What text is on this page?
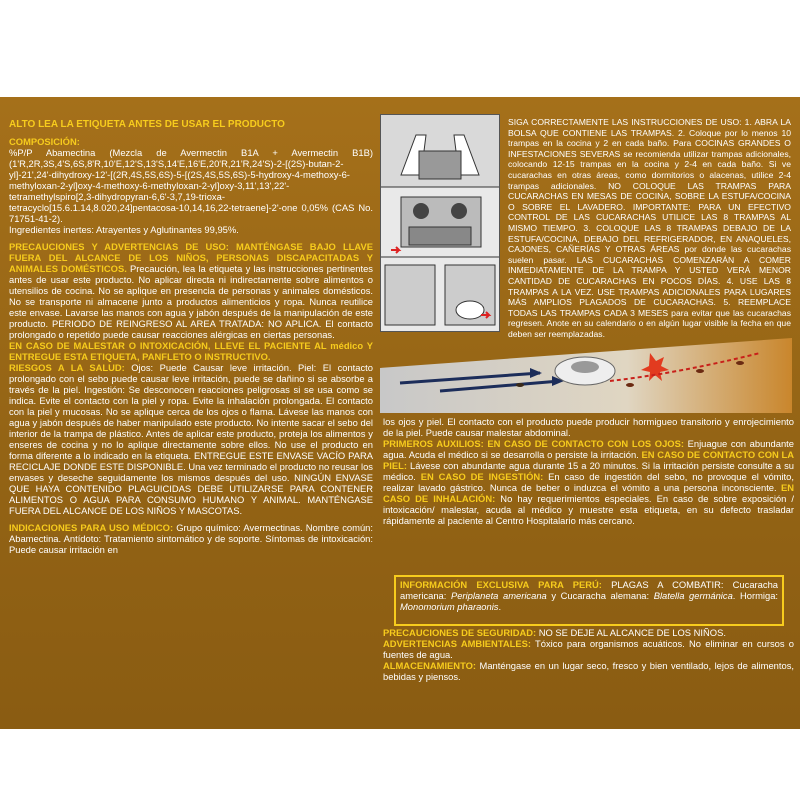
ALTO LEA LA ETIQUETA ANTES DE USAR EL PRODUCTO

COMPOSICIÓN:
%P/P Abamectina (Mezcla de Avermectin B1A + Avermectin B1B) (1'R,2R,3S,4'S,6S,8'R,10'E,12'S,13'S,14'E,16'E,20'R,21'R,24'S)-2-[(2S)-butan-2-yl]-21',24'-dihydroxy-12'-[(2R,4S,5S,6S)-5-[(2S,4S,5S,6S)-5-hydroxy-4-methoxy-6-methyloxan-2-yl]oxy-4-methoxy-6-methyloxan-2-yl]oxy-3,11',13',22'-tetramethylspiro[2,3-dihydropyran-6,6'-3,7,19-trioxa-tetracyclo[15.6.1.14,8.020,24]pentacosa-10,14,16,22-tetraene]-2'-one 0,05% (CAS No. 71751-41-2).
Ingredientes inertes: Atrayentes y Aglutinantes 99,95%.

PRECAUCIONES Y ADVERTENCIAS DE USO: MANTÉNGASE BAJO LLAVE FUERA DEL ALCANCE DE LOS NIÑOS, PERSONAS DISCAPACITADAS Y ANIMALES DOMÉSTICOS. Precaución, lea la etiqueta y las instrucciones pertinentes antes de usar este producto. No aplicar directa ni indirectamente sobre alimentos o utensilios de cocina. No se aplique en presencia de personas y animales domésticos. No se transporte ni almacene junto a productos alimenticios y ropa. Nunca reutilice este envase. Lavarse las manos con agua y jabón después de la manipulación de este producto. PERIODO DE REINGRESO AL AREA TRATADA: NO APLICA. El contacto prolongado o repetido puede causar reacciones alérgicas en ciertas personas.

EN CASO DE MALESTAR O INTOXICACIÓN, LLEVE EL PACIENTE AL médico Y ENTREGUE ESTA ETIQUETA, PANFLETO O INSTRUCTIVO.

RIESGOS A LA SALUD: Ojos: Puede Causar leve irritación. Piel: El contacto prolongado con el sebo puede causar leve irritación, puede se dañino si se absorbe a través de la piel. Ingestión: Se desconocen reacciones peligrosas si se usa como se indica. Evite el contacto con la piel y ropa. Evite la inhalación prolongada. El contacto con la piel y mucosas. No se aplique cerca de los ojos o flama. Lávese las manos con agua y jabón después de haber manipulado este producto. No intente sacar el sebo del interior de la trampa de plástico. Antes de aplicar este producto, proteja los alimentos y enseres de cocina y no lo aplique directamente sobre ellos. No use el producto en forma diferente a lo indicado en la etiqueta. ENTREGUE ESTE ENVASE VACÍO PARA RECICLAJE DONDE ESTE DISPONIBLE. Una vez terminado el producto no reusar los envases y deseche seguidamente los mismos después del uso. NINGÚN ENVASE QUE HAYA CONTENIDO PLAGUICIDAS DEBE UTILIZARSE PARA CONTENER ALIMENTOS O AGUA PARA CONSUMO HUMANO Y ANIMAL. MANTÉNGASE FUERA DEL ALCANCE DE LOS NIÑOS Y MASCOTAS.

INDICACIONES PARA USO MÉDICO: Grupo químico: Avermectinas. Nombre común: Abamectina. Antídoto: Tratamiento sintomático y de soporte. Síntomas de intoxicación: Puede causar irritación en

SIGA CORRECTAMENTE LAS INSTRUCCIONES DE USO: 1. ABRA LA BOLSA QUE CONTIENE LAS TRAMPAS. 2. Coloque por lo menos 10 trampas en la cocina y 2 en cada baño. Para COCINAS GRANDES O INFESTACIONES SEVERAS se recomienda utilizar trampas adicionales, colocando 12-15 trampas en la cocina y 2-4 en cada baño. Si ve cucarachas en otras áreas, como dormitorios o alacenas, utilice 2-4 trampas adicionales. NO COLOQUE LAS TRAMPAS PARA CUCARACHAS EN MESAS DE COCINA, SOBRE LA ESTUFA/COCINA O SOBRE EL LAVADERO. IMPORTANTE: PARA UN EFECTIVO CONTROL DE LAS CUCARACHAS UTILICE LAS 8 TRAMPAS AL MISMO TIEMPO. 3. COLOQUE LAS 8 TRAMPAS DEBAJO DE LA ESTUFA/COCINA, DEBAJO DEL REFRIGERADOR, EN ANAQUELES, CAJONES, CAÑERÍAS Y OTRAS ÁREAS por donde las cucarachas suelen pasar. LAS CUCARACHAS COMENZARÁN A COMER INMEDIATAMENTE DE LA TRAMPA Y USTED VERÁ MENOR CANTIDAD DE CUCARACHAS EN POCOS DÍAS. 4. USE LAS 8 TRAMPAS A LA VEZ. USE TRAMPAS ADICIONALES PARA LUGARES MÁS AMPLIOS PLAGADOS DE CUCARACHAS. 5. REEMPLACE TODAS LAS TRAMPAS CADA 3 MESES para evitar que las cucarachas regresen. Anote en su calendario o en algún lugar visible la fecha en que deben ser reemplazadas.

los ojos y piel. El contacto con el producto puede producir hormigueo transitorio y enrojecimiento de la piel. Puede causar malestar abdominal.

PRIMEROS AUXILIOS: EN CASO DE CONTACTO CON LOS OJOS: Enjuague con abundante agua. Acuda el médico si se desarrolla o persiste la irritación. EN CASO DE CONTACTO CON LA PIEL: Lávese con abundante agua durante 15 a 20 minutos. Si la irritación persiste consulte a su médico. EN CASO DE INGESTIÓN: En caso de ingestión del sebo, no provoque el vómito, realizar lavado gástrico. Nunca de beber o induzca el vómito a una persona inconsciente. EN CASO DE INHALACIÓN: No hay requerimientos especiales. En caso de sobre exposición / intoxicación/ malestar, acuda al médico y muestre esta etiqueta, en su defecto trasladar rápidamente al paciente al Centro Hospitalario más cercano.

INFORMACIÓN EXCLUSIVA PARA PERÚ: PLAGAS A COMBATIR: Cucaracha americana: Periplaneta americana y Cucaracha alemana: Blatella germánica. Hormiga: Monomorium pharaonis.

PRECAUCIONES DE SEGURIDAD: NO SE DEJE AL ALCANCE DE LOS NIÑOS.

ADVERTENCIAS AMBIENTALES: Tóxico para organismos acuáticos. No eliminar en cursos o fuentes de agua.

ALMACENAMIENTO: Manténgase en un lugar seco, fresco y bien ventilado, lejos de alimentos, bebidas y piensos.
